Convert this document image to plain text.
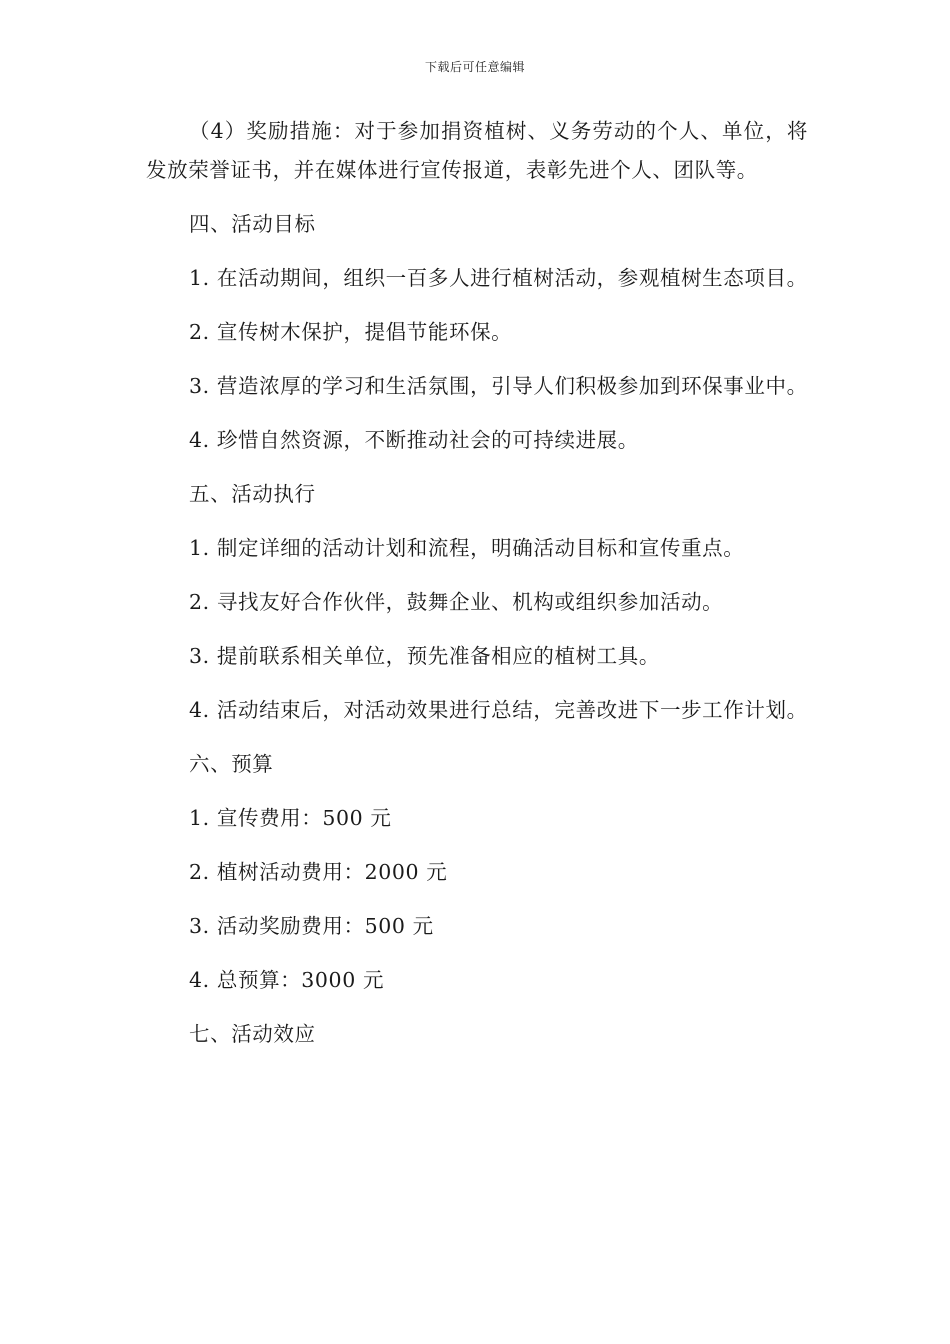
下载后可任意编辑

（4）奖励措施：对于参加捐资植树、义务劳动的个人、单位，将发放荣誉证书，并在媒体进行宣传报道，表彰先进个人、团队等。

四、活动目标

1. 在活动期间，组织一百多人进行植树活动，参观植树生态项目。

2. 宣传树木保护，提倡节能环保。

3. 营造浓厚的学习和生活氛围，引导人们积极参加到环保事业中。

4. 珍惜自然资源，不断推动社会的可持续进展。

五、活动执行

1. 制定详细的活动计划和流程，明确活动目标和宣传重点。

2. 寻找友好合作伙伴，鼓舞企业、机构或组织参加活动。

3. 提前联系相关单位，预先准备相应的植树工具。

4. 活动结束后，对活动效果进行总结，完善改进下一步工作计划。

六、预算

1. 宣传费用：500 元

2. 植树活动费用：2000 元

3. 活动奖励费用：500 元

4. 总预算：3000 元

七、活动效应
